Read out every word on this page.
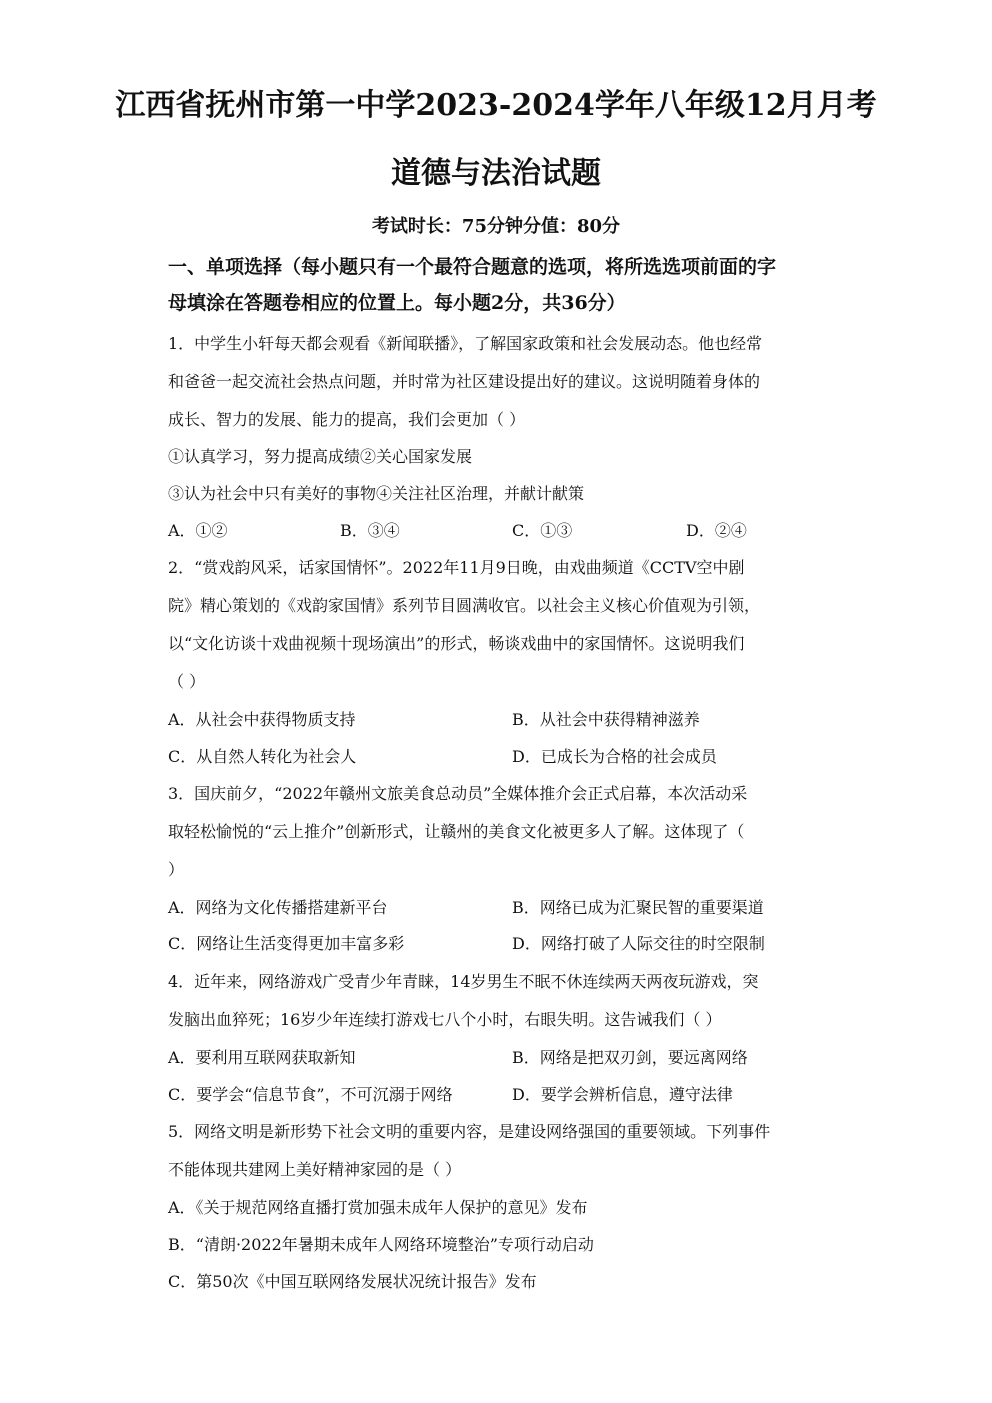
江西省抚州市第一中学2023-2024学年八年级12月月考
道德与法治试题
考试时长：75分钟分值：80分
一、单项选择（每小题只有一个最符合题意的选项，将所选选项前面的字
母填涂在答题卷相应的位置上。每小题2分，共36分）
1．中学生小轩每天都会观看《新闻联播》，了解国家政策和社会发展动态。他也经常
和爸爸一起交流社会热点问题，并时常为社区建设提出好的建议。这说明随着身体的
成长、智力的发展、能力的提高，我们会更加（ ）
①认真学习，努力提高成绩②关心国家发展
③认为社会中只有美好的事物④关注社区治理，并献计献策
A．①②	B．③④	C．①③	D．②④
2．“赏戏韵风采，话家国情怀”。2022年11月9日晚，由戏曲频道《CCTV空中剧
院》精心策划的《戏韵家国情》系列节目圆满收官。以社会主义核心价值观为引领，
以“文化访谈十戏曲视频十现场演出”的形式，畅谈戏曲中的家国情怀。这说明我们
（ ）
A．从社会中获得物质支持	B．从社会中获得精神滋养
C．从自然人转化为社会人	D．已成长为合格的社会成员
3．国庆前夕，“2022年赣州文旅美食总动员”全媒体推介会正式启幕，本次活动采
取轻松愉悦的“云上推介”创新形式，让赣州的美食文化被更多人了解。这体现了（
）
A．网络为文化传播搭建新平台	B．网络已成为汇聚民智的重要渠道
C．网络让生活变得更加丰富多彩	D．网络打破了人际交往的时空限制
4．近年来，网络游戏广受青少年青睐，14岁男生不眠不休连续两天两夜玩游戏，突
发脑出血猝死；16岁少年连续打游戏七八个小时，右眼失明。这告诫我们（ ）
A．要利用互联网获取新知	B．网络是把双刃剑，要远离网络
C．要学会“信息节食”，不可沉溺于网络	D．要学会辨析信息，遵守法律
5．网络文明是新形势下社会文明的重要内容，是建设网络强国的重要领域。下列事件
不能体现共建网上美好精神家园的是（ ）
A．《关于规范网络直播打赏加强未成年人保护的意见》发布
B．“清朗·2022年暑期未成年人网络环境整治”专项行动启动
C．第50次《中国互联网络发展状况统计报告》发布
